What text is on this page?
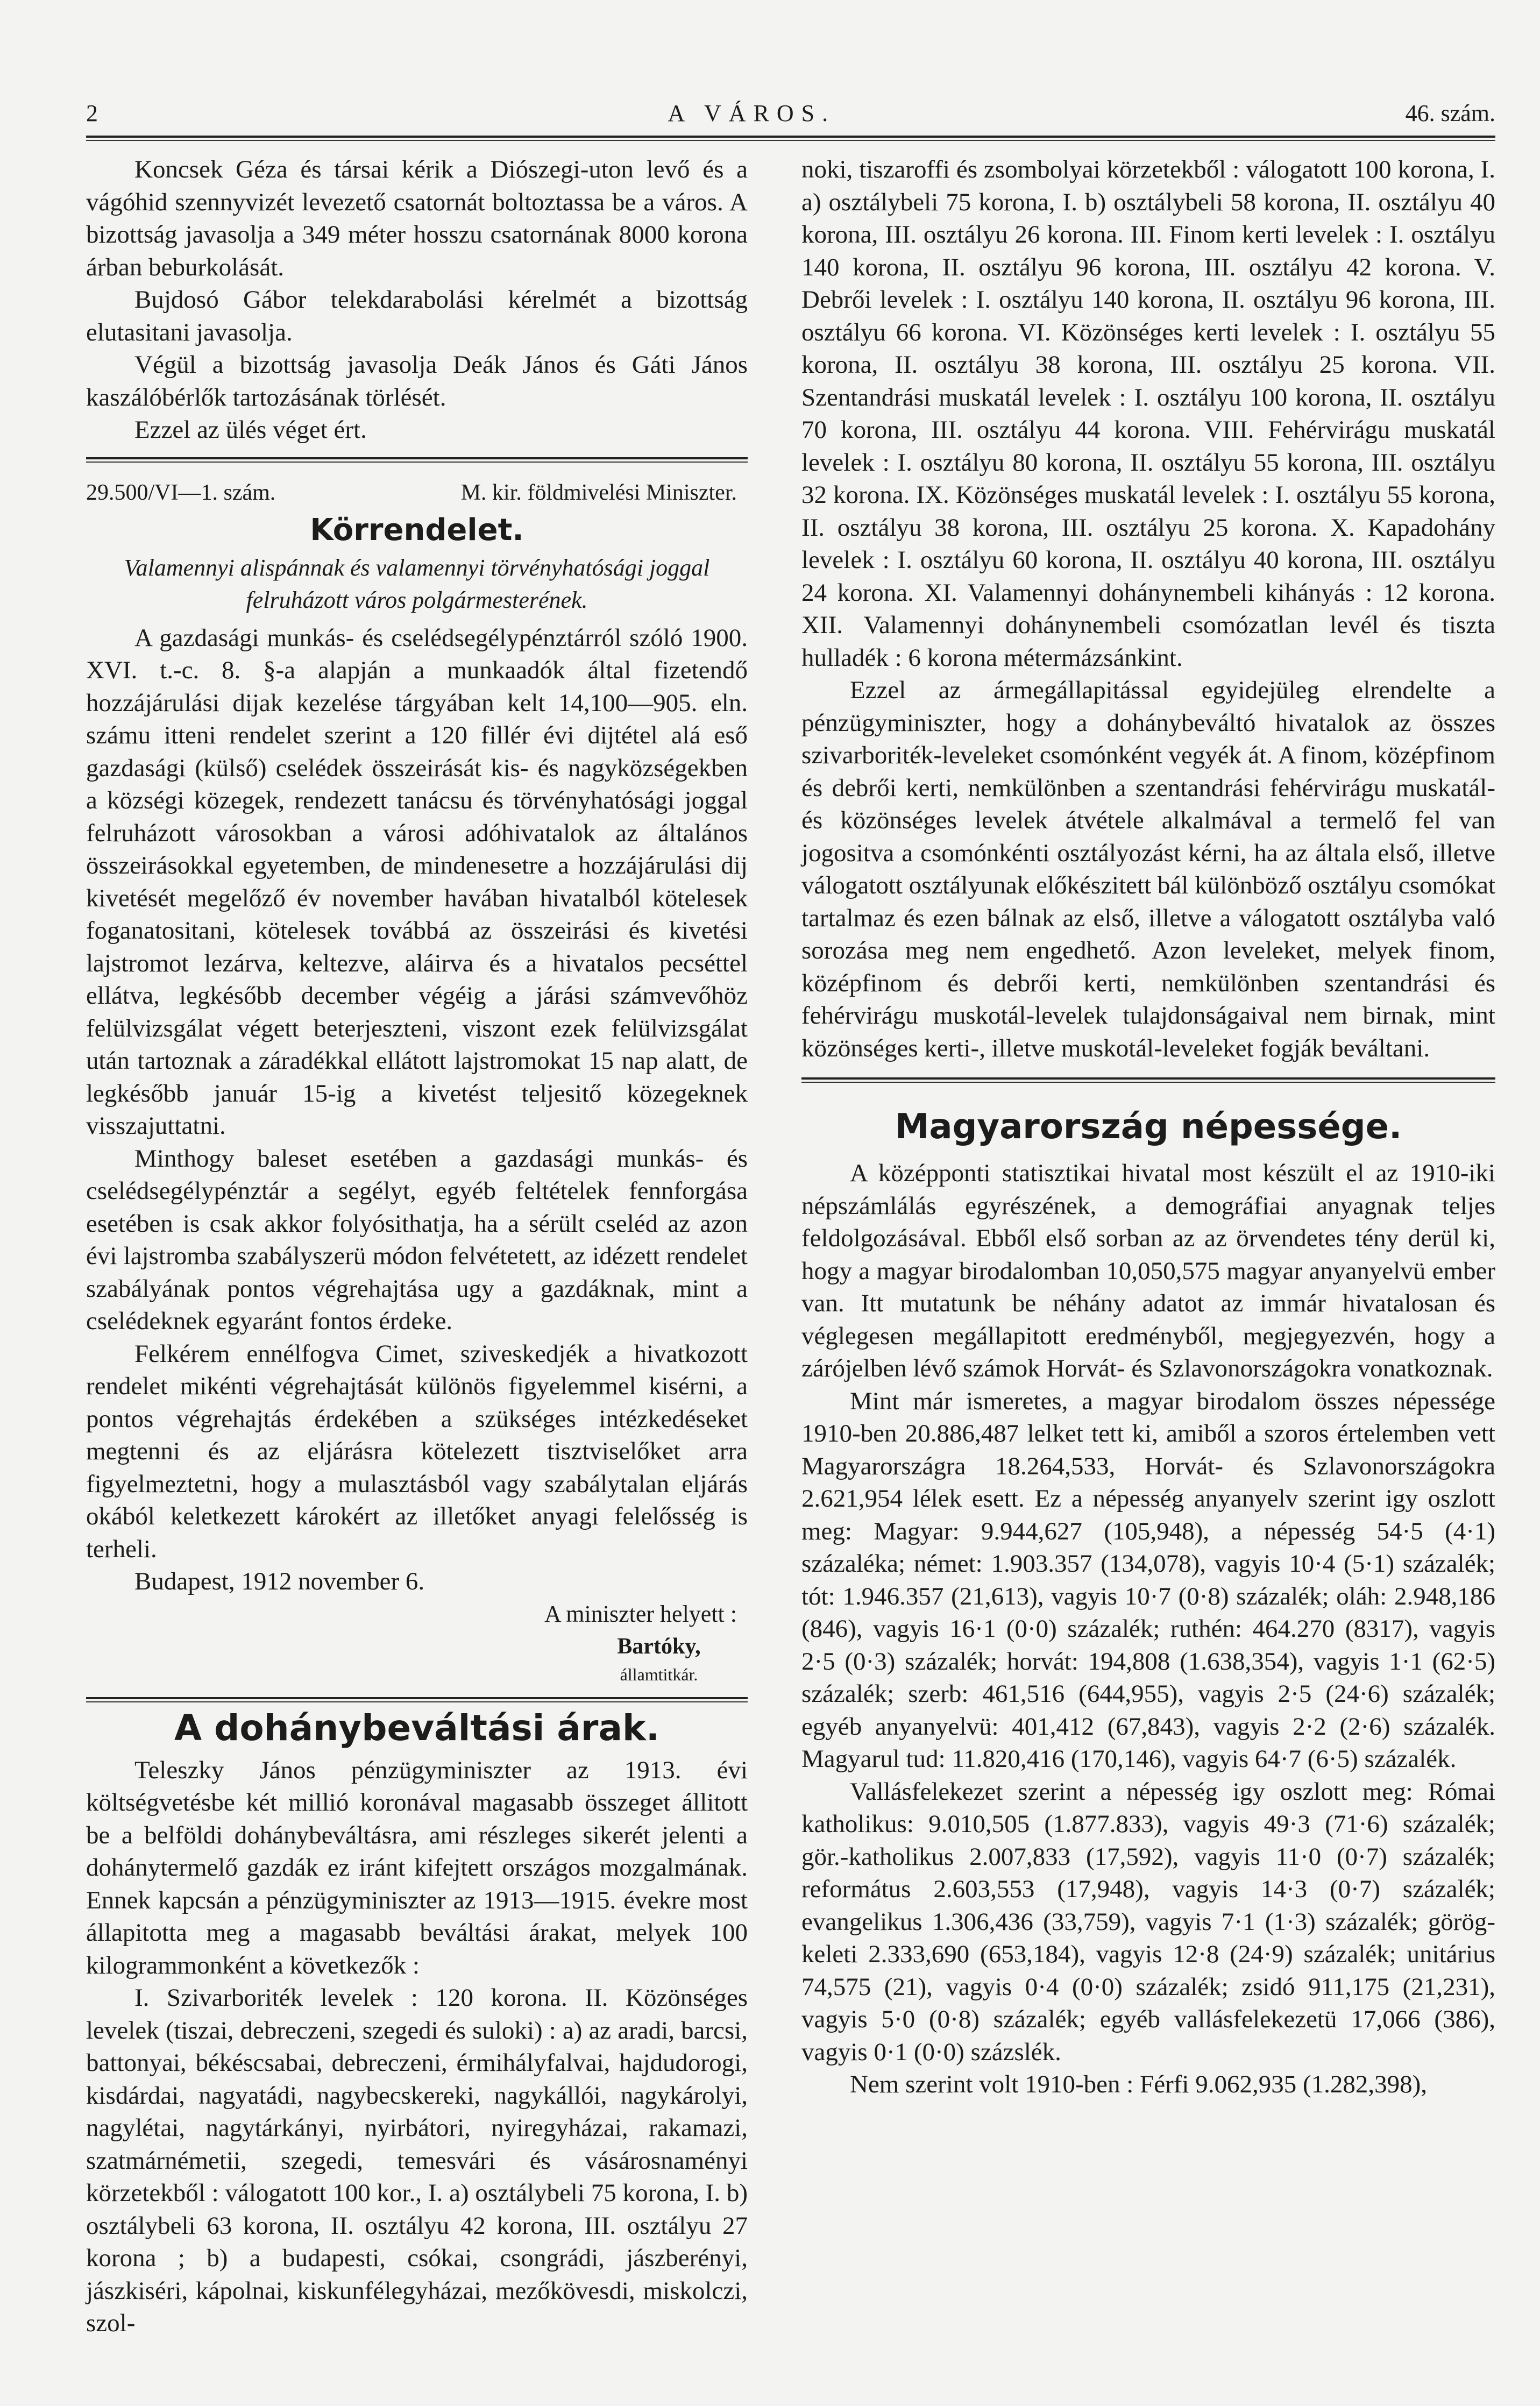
2	A VÁROS.	46. szám.

Koncsek Géza és társai kérik a Diószegi-uton levő és a vágóhid szennyvizét levezető csatornát boltoztassa be a város. A bizottság javasolja a 349 méter hosszu csatornának 8000 korona árban beburkolását.

Bujdosó Gábor telekdarabolási kérelmét a bizottság elutasitani javasolja.

Végül a bizottság javasolja Deák János és Gáti János kaszálóbérlők tartozásának törlését.

Ezzel az ülés véget ért.

29.500/VI—1. szám.	M. kir. földmivelési Miniszter.
Körrendelet.
Valamennyi alispánnak és valamennyi törvényhatósági joggal felruházott város polgármesterének.

A gazdasági munkás- és cselédsegélypénztárról szóló 1900. XVI. t.-c. 8. §-a alapján a munkaadók által fizetendő hozzájárulási dijak kezelése tárgyában kelt 14,100—905. eln. számu itteni rendelet szerint a 120 fillér évi dijtétel alá eső gazdasági (külső) cselédek összeirását kis- és nagyközségekben a községi közegek, rendezett tanácsu és törvényhatósági joggal felruházott városokban a városi adóhivatalok az általános összeirásokkal egyetemben, de mindenesetre a hozzájárulási dij kivetését megelőző év november havában hivatalból kötelesek foganatositani, kötelesek továbbá az összeirási és kivetési lajstromot lezárva, keltezve, aláirva és a hivatalos pecséttel ellátva, legkésőbb december végéig a járási számvevőhöz felülvizsgálat végett beterjeszteni, viszont ezek felülvizsgálat után tartoznak a záradékkal ellátott lajstromokat 15 nap alatt, de legkésőbb január 15-ig a kivetést teljesitő közegeknek visszajuttatni.

Minthogy baleset esetében a gazdasági munkás- és cselédsegélypénztár a segélyt, egyéb feltételek fennforgása esetében is csak akkor folyósithatja, ha a sérült cseléd az azon évi lajstromba szabályszerü módon felvétetett, az idézett rendelet szabályának pontos végrehajtása ugy a gazdáknak, mint a cselédeknek egyaránt fontos érdeke.

Felkérem ennélfogva Cimet, sziveskedjék a hivatkozott rendelet mikénti végrehajtását különös figyelemmel kisérni, a pontos végrehajtás érdekében a szükséges intézkedéseket megtenni és az eljárásra kötelezett tisztviselőket arra figyelmeztetni, hogy a mulasztásból vagy szabálytalan eljárás okából keletkezett károkért az illetőket anyagi felelősség is terheli.

Budapest, 1912 november 6.

A miniszter helyett :
Bartóky,
államtitkár.
A dohánybeváltási árak.

Teleszky János pénzügyminiszter az 1913. évi költségvetésbe két millió koronával magasabb összeget állitott be a belföldi dohánybeváltásra, ami részleges sikerét jelenti a dohánytermelő gazdák ez iránt kifejtett országos mozgalmának. Ennek kapcsán a pénzügyminiszter az 1913—1915. évekre most állapitotta meg a magasabb beváltási árakat, melyek 100 kilogrammonként a következők :

I. Szivarboriték levelek : 120 korona. II. Közönséges levelek (tiszai, debreczeni, szegedi és suloki) : a) az aradi, barcsi, battonyai, békéscsabai, debreczeni, érmihályfalvai, hajdudorogi, kisdárdai, nagyatádi, nagybecskereki, nagykállói, nagykárolyi, nagylétai, nagytárkányi, nyirbátori, nyiregyházai, rakamazi, szatmárnémetii, szegedi, temesvári és vásárosnaményi körzetekből : válogatott 100 kor., I. a) osztálybeli 75 korona, I. b) osztálybeli 63 korona, II. osztályu 42 korona, III. osztályu 27 korona ; b) a budapesti, csókai, csongrádi, jászberényi, jászkiséri, kápolnai, kiskunfélegyházai, mezőkövesdi, miskolczi, szol-

noki, tiszaroffi és zsombolyai körzetekből : válogatott 100 korona, I. a) osztálybeli 75 korona, I. b) osztálybeli 58 korona, II. osztályu 40 korona, III. osztályu 26 korona. III. Finom kerti levelek : I. osztályu 140 korona, II. osztályu 96 korona, III. osztályu 42 korona. V. Debrői levelek : I. osztályu 140 korona, II. osztályu 96 korona, III. osztályu 66 korona. VI. Közönséges kerti levelek : I. osztályu 55 korona, II. osztályu 38 korona, III. osztályu 25 korona. VII. Szentandrási muskatál levelek : I. osztályu 100 korona, II. osztályu 70 korona, III. osztályu 44 korona. VIII. Fehérvirágu muskatál levelek : I. osztályu 80 korona, II. osztályu 55 korona, III. osztályu 32 korona. IX. Közönséges muskatál levelek : I. osztályu 55 korona, II. osztályu 38 korona, III. osztályu 25 korona. X. Kapadohány levelek : I. osztályu 60 korona, II. osztályu 40 korona, III. osztályu 24 korona. XI. Valamennyi dohánynembeli kihányás : 12 korona. XII. Valamennyi dohánynembeli csomózatlan levél és tiszta hulladék : 6 korona métermázsánkint.

Ezzel az ármegállapitással egyidejüleg elrendelte a pénzügyminiszter, hogy a dohánybeváltó hivatalok az összes szivarboriték-leveleket csomónként vegyék át. A finom, középfinom és debrői kerti, nemkülönben a szentandrási fehérvirágu muskatál- és közönséges levelek átvétele alkalmával a termelő fel van jogositva a csomónkénti osztályozást kérni, ha az általa első, illetve válogatott osztályunak előkészitett bál különböző osztályu csomókat tartalmaz és ezen bálnak az első, illetve a válogatott osztályba való sorozása meg nem engedhető. Azon leveleket, melyek finom, középfinom és debrői kerti, nemkülönben szentandrási és fehérvirágu muskotál-levelek tulajdonságaival nem birnak, mint közönséges kerti-, illetve muskotál-leveleket fogják beváltani.

Magyarország népessége.

A középponti statisztikai hivatal most készült el az 1910-iki népszámlálás egyrészének, a demográfiai anyagnak teljes feldolgozásával. Ebből első sorban az az örvendetes tény derül ki, hogy a magyar birodalomban 10,050,575 magyar anyanyelvü ember van. Itt mutatunk be néhány adatot az immár hivatalosan és véglegesen megállapitott eredményből, megjegyezvén, hogy a zárójelben lévő számok Horvát- és Szlavonországokra vonatkoznak.

Mint már ismeretes, a magyar birodalom összes népessége 1910-ben 20.886,487 lelket tett ki, amiből a szoros értelemben vett Magyarországra 18.264,533, Horvát- és Szlavonországokra 2.621,954 lélek esett. Ez a népesség anyanyelv szerint igy oszlott meg: Magyar: 9.944,627 (105,948), a népesség 54·5 (4·1) százaléka; német: 1.903.357 (134,078), vagyis 10·4 (5·1) százalék; tót: 1.946.357 (21,613), vagyis 10·7 (0·8) százalék; oláh: 2.948,186 (846), vagyis 16·1 (0·0) százalék; ruthén: 464.270 (8317), vagyis 2·5 (0·3) százalék; horvát: 194,808 (1.638,354), vagyis 1·1 (62·5) százalék; szerb: 461,516 (644,955), vagyis 2·5 (24·6) százalék; egyéb anyanyelvü: 401,412 (67,843), vagyis 2·2 (2·6) százalék. Magyarul tud: 11.820,416 (170,146), vagyis 64·7 (6·5) százalék.

Vallásfelekezet szerint a népesség igy oszlott meg: Római katholikus: 9.010,505 (1.877.833), vagyis 49·3 (71·6) százalék; gör.-katholikus 2.007,833 (17,592), vagyis 11·0 (0·7) százalék; református 2.603,553 (17,948), vagyis 14·3 (0·7) százalék; evangelikus 1.306,436 (33,759), vagyis 7·1 (1·3) százalék; görög-keleti 2.333,690 (653,184), vagyis 12·8 (24·9) százalék; unitárius 74,575 (21), vagyis 0·4 (0·0) százalék; zsidó 911,175 (21,231), vagyis 5·0 (0·8) százalék; egyéb vallásfelekezetü 17,066 (386), vagyis 0·1 (0·0) százslék.

Nem szerint volt 1910-ben : Férfi 9.062,935 (1.282,398),
